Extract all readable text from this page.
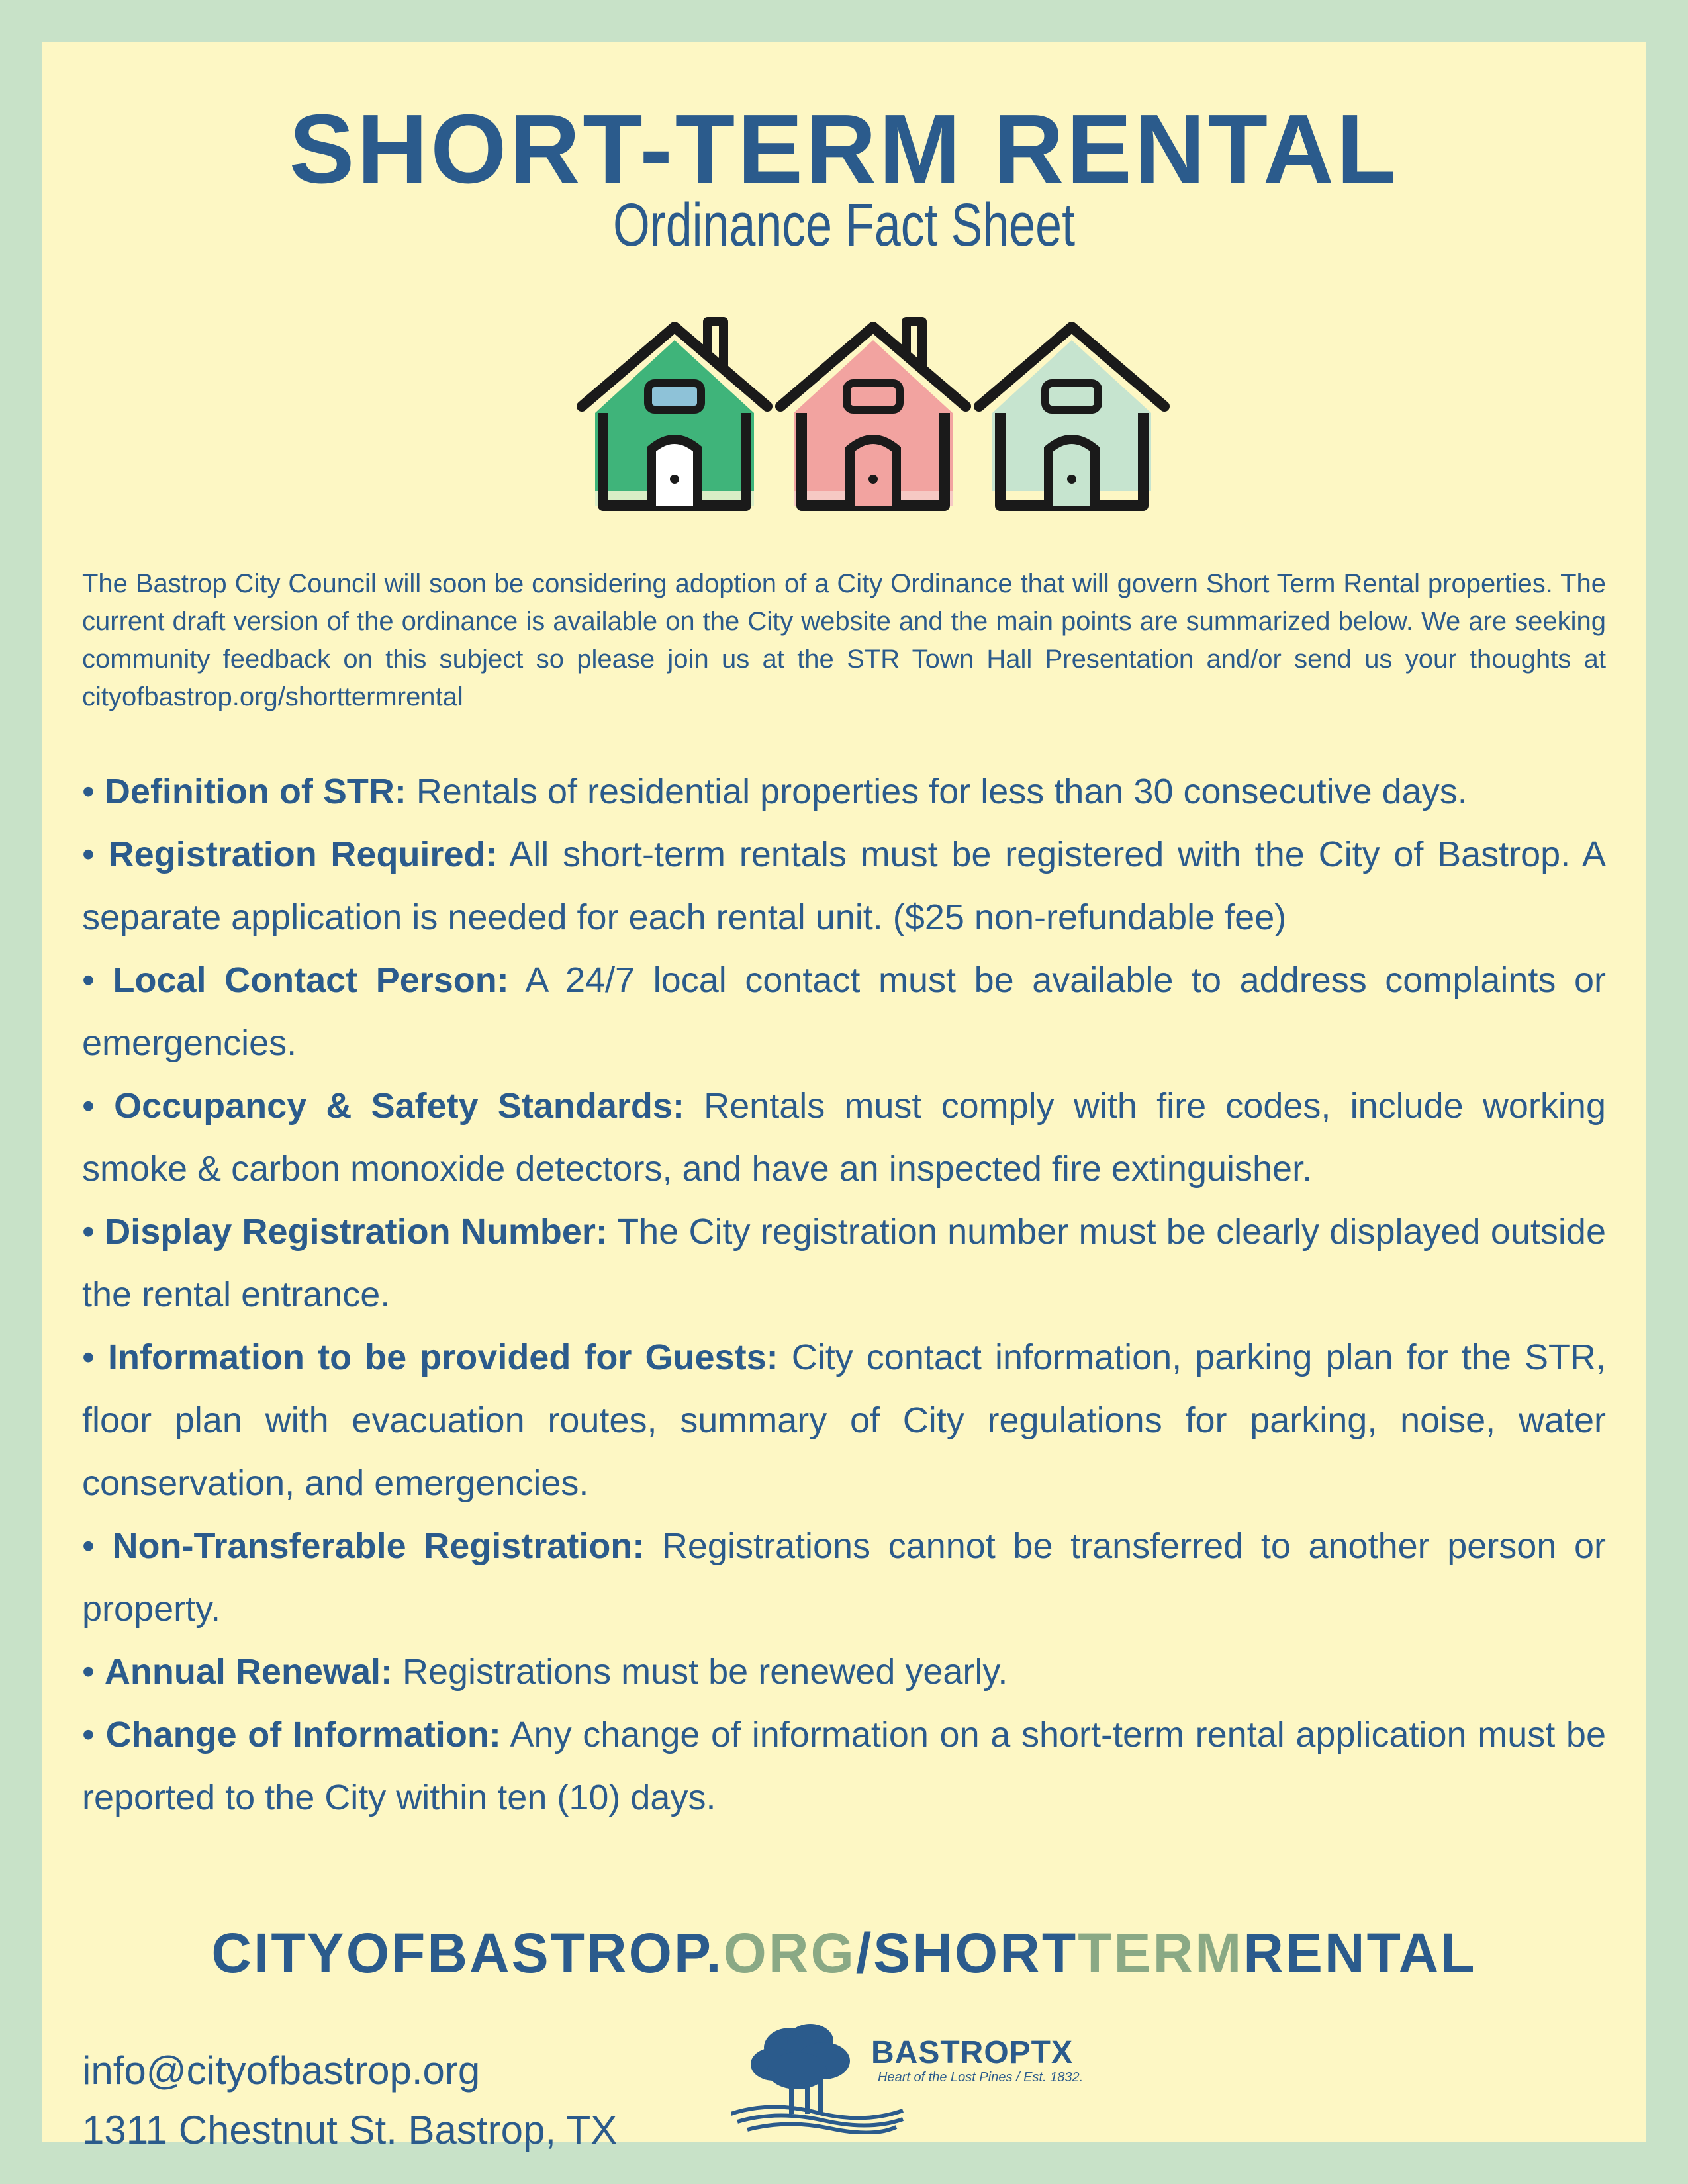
SHORT-TERM RENTAL
Ordinance Fact Sheet
The Bastrop City Council will soon be considering adoption of a City Ordinance that will govern Short Term Rental properties. The current draft version of the ordinance is available on the City website and the main points are summarized below. We are seeking community feedback on this subject so please join us at the STR Town Hall Presentation and/or send us your thoughts at cityofbastrop.org/shorttermrental
• Definition of STR: Rentals of residential properties for less than 30 consecutive days.
• Registration Required: All short-term rentals must be registered with the City of Bastrop. A separate application is needed for each rental unit. ($25 non-refundable fee)
• Local Contact Person: A 24/7 local contact must be available to address complaints or emergencies.
• Occupancy & Safety Standards: Rentals must comply with fire codes, include working smoke & carbon monoxide detectors, and have an inspected fire extinguisher.
• Display Registration Number: The City registration number must be clearly displayed outside the rental entrance.
• Information to be provided for Guests: City contact information, parking plan for the STR, floor plan with evacuation routes, summary of City regulations for parking, noise, water conservation, and emergencies.
• Non-Transferable Registration: Registrations cannot be transferred to another person or property.
• Annual Renewal: Registrations must be renewed yearly.
• Change of Information: Any change of information on a short-term rental application must be reported to the City within ten (10) days.
CITYOFBASTROP.ORG/SHORTTERMRENTAL
info@cityofbastrop.org
1311 Chestnut St. Bastrop, TX
BASTROPTX
Heart of the Lost Pines / Est. 1832.
